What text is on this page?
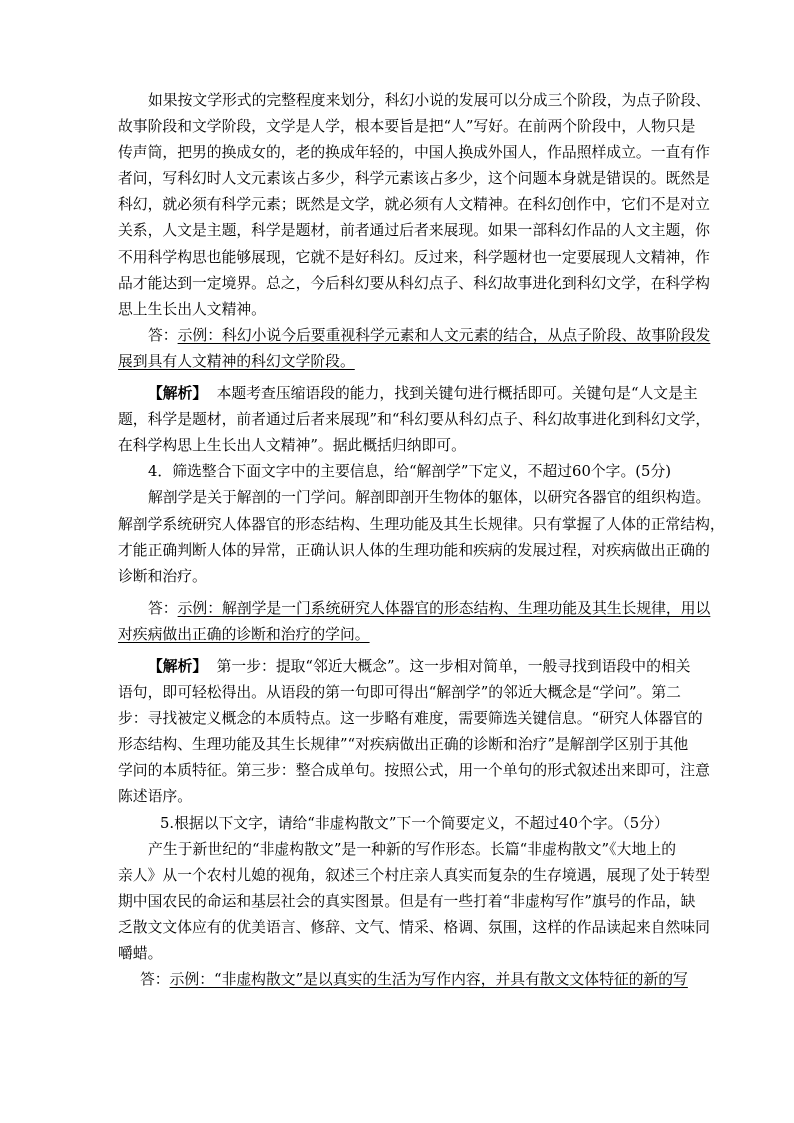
如果按文学形式的完整程度来划分，科幻小说的发展可以分成三个阶段，为点子阶段、
故事阶段和文学阶段，文学是人学，根本要旨是把“人”写好。在前两个阶段中，人物只是
传声筒，把男的换成女的，老的换成年轻的，中国人换成外国人，作品照样成立。一直有作
者问，写科幻时人文元素该占多少，科学元素该占多少，这个问题本身就是错误的。既然是
科幻，就必须有科学元素；既然是文学，就必须有人文精神。在科幻创作中，它们不是对立
关系，人文是主题，科学是题材，前者通过后者来展现。如果一部科幻作品的人文主题，你
不用科学构思也能够展现，它就不是好科幻。反过来，科学题材也一定要展现人文精神，作
品才能达到一定境界。总之，今后科幻要从科幻点子、科幻故事进化到科幻文学，在科学构
思上生长出人文精神。
答：示例：科幻小说今后要重视科学元素和人文元素的结合，从点子阶段、故事阶段发
展到具有人文精神的科幻文学阶段。
【解析】 本题考查压缩语段的能力，找到关键句进行概括即可。关键句是“人文是主
题，科学是题材，前者通过后者来展现”和“科幻要从科幻点子、科幻故事进化到科幻文学，
在科学构思上生长出人文精神”。据此概括归纳即可。
4．筛选整合下面文字中的主要信息，给“解剖学”下定义，不超过60个字。(5分)
解剖学是关于解剖的一门学问。解剖即剖开生物体的躯体，以研究各器官的组织构造。
解剖学系统研究人体器官的形态结构、生理功能及其生长规律。只有掌握了人体的正常结构，
才能正确判断人体的异常，正确认识人体的生理功能和疾病的发展过程，对疾病做出正确的
诊断和治疗。
答：示例：解剖学是一门系统研究人体器官的形态结构、生理功能及其生长规律，用以
对疾病做出正确的诊断和治疗的学问。
【解析】 第一步：提取“邻近大概念”。这一步相对简单，一般寻找到语段中的相关
语句，即可轻松得出。从语段的第一句即可得出“解剖学”的邻近大概念是“学问”。第二
步：寻找被定义概念的本质特点。这一步略有难度，需要筛选关键信息。“研究人体器官的
形态结构、生理功能及其生长规律”“对疾病做出正确的诊断和治疗”是解剖学区别于其他
学问的本质特征。第三步：整合成单句。按照公式，用一个单句的形式叙述出来即可，注意
陈述语序。
5.根据以下文字，请给“非虚构散文”下一个简要定义，不超过40个字。（5分）
产生于新世纪的“非虚构散文”是一种新的写作形态。长篇“非虚构散文”《大地上的
亲人》从一个农村儿媳的视角，叙述三个村庄亲人真实而复杂的生存境遇，展现了处于转型
期中国农民的命运和基层社会的真实图景。但是有一些打着“非虚构写作”旗号的作品，缺
乏散文文体应有的优美语言、修辞、文气、情采、格调、氛围，这样的作品读起来自然味同
嚼蜡。
答：示例：“非虚构散文”是以真实的生活为写作内容，并具有散文文体特征的新的写
